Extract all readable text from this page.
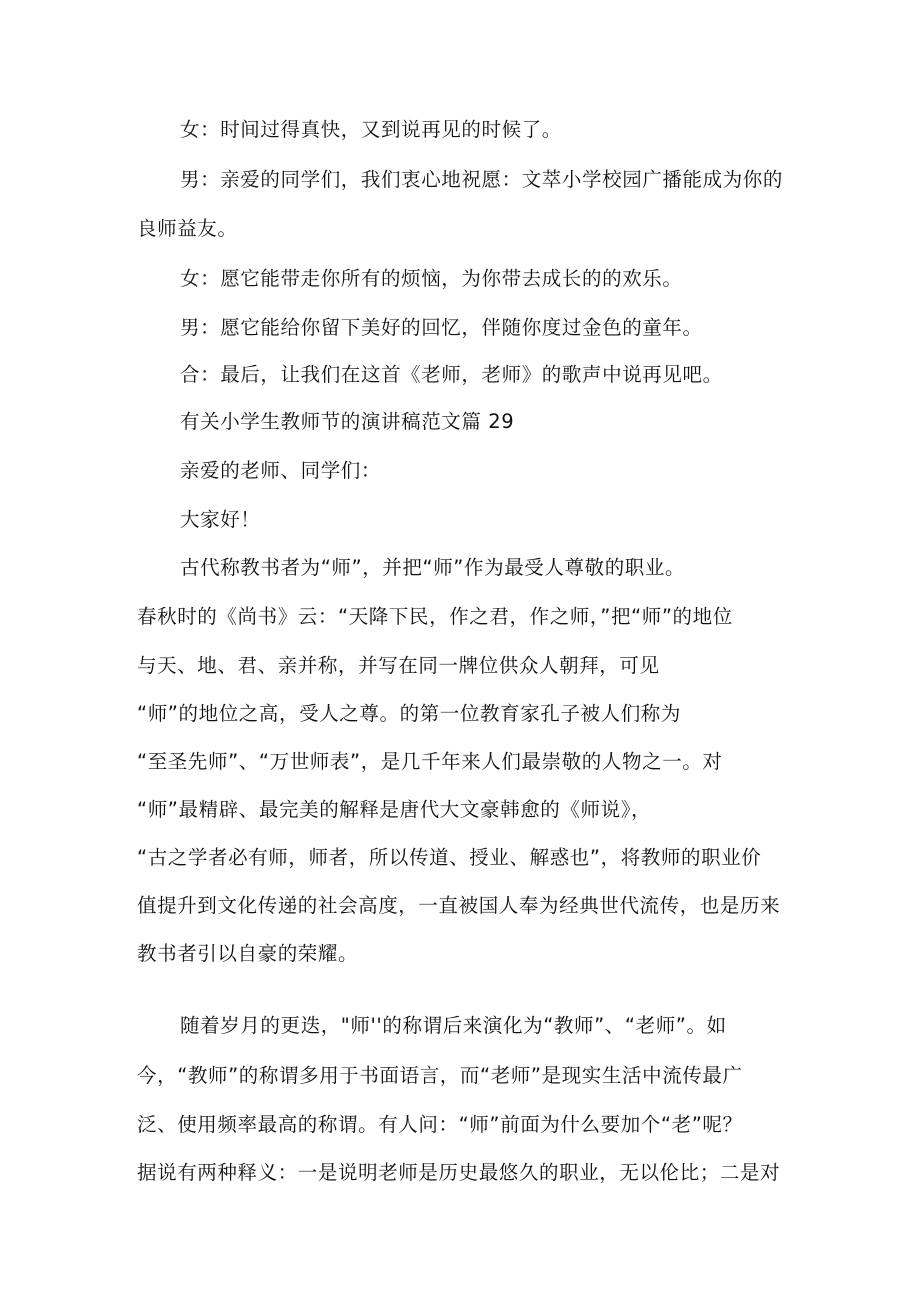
女：时间过得真快，又到说再见的时候了。
男：亲爱的同学们，我们衷心地祝愿：文萃小学校园广播能成为你的
良师益友。
女：愿它能带走你所有的烦恼，为你带去成长的的欢乐。
男：愿它能给你留下美好的回忆，伴随你度过金色的童年。
合：最后，让我们在这首《老师，老师》的歌声中说再见吧。
有关小学生教师节的演讲稿范文篇 29
亲爱的老师、同学们：
大家好！
古代称教书者为“师”，并把“师”作为最受人尊敬的职业。
春秋时的《尚书》云：“天降下民，作之君，作之师，”把“师”的地位
与天、地、君、亲并称，并写在同一牌位供众人朝拜，可见
“师”的地位之高，受人之尊。的第一位教育家孔子被人们称为
“至圣先师”、“万世师表”，是几千年来人们最崇敬的人物之一。对
“师”最精辟、最完美的解释是唐代大文豪韩愈的《师说》，
“古之学者必有师，师者，所以传道、授业、解惑也”，将教师的职业价
值提升到文化传递的社会高度，一直被国人奉为经典世代流传，也是历来
教书者引以自豪的荣耀。
随着岁月的更迭，"师''的称谓后来演化为“教师”、“老师”。如
今，“教师”的称谓多用于书面语言，而“老师”是现实生活中流传最广
泛、使用频率最高的称谓。有人问：“师”前面为什么要加个“老”呢？
据说有两种释义：一是说明老师是历史最悠久的职业，无以伦比；二是对
